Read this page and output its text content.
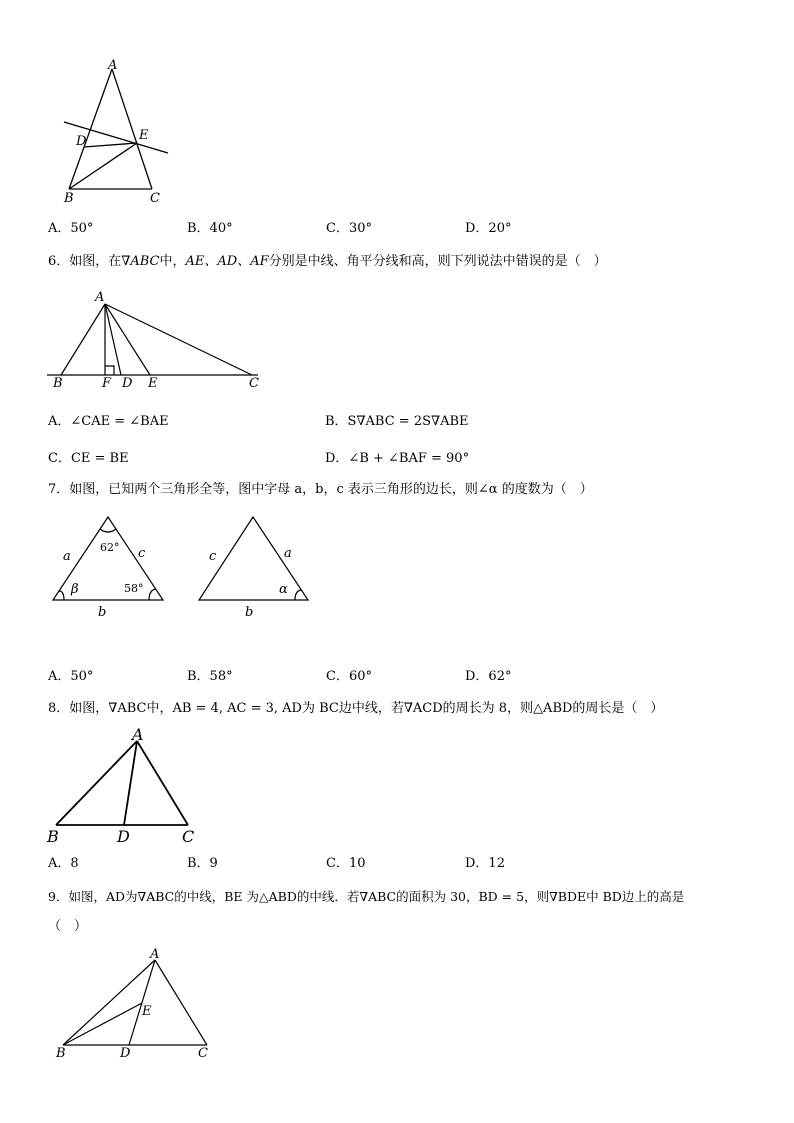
A
D	E
B	C
A．50°	B．40°	C．30°	D．20°
6．如图，在∇ABC中，AE、AD、AF分别是中线、角平分线和高，则下列说法中错误的是（　）
A
B	F D E	C
A．∠CAE = ∠BAE	B．S∇ABC = 2S∇ABE
C．CE = BE	D．∠B + ∠BAF = 90°
7．如图，已知两个三角形全等，图中字母 a，b，c 表示三角形的边长，则∠α 的度数为（　）
62°
a	c
β	58°
b
c	a
α
b
A．50°	B．58°	C．60°	D．62°
8．如图，∇ABC中，AB = 4, AC = 3, AD为 BC边中线，若∇ACD的周长为 8，则△ABD的周长是（　）
A
B	D	C
A．8	B．9	C．10	D．12
9．如图，AD为∇ABC的中线，BE 为△ABD的中线．若∇ABC的面积为 30，BD = 5，则∇BDE中 BD边上的高是
（　）
A
E
B	D	C
